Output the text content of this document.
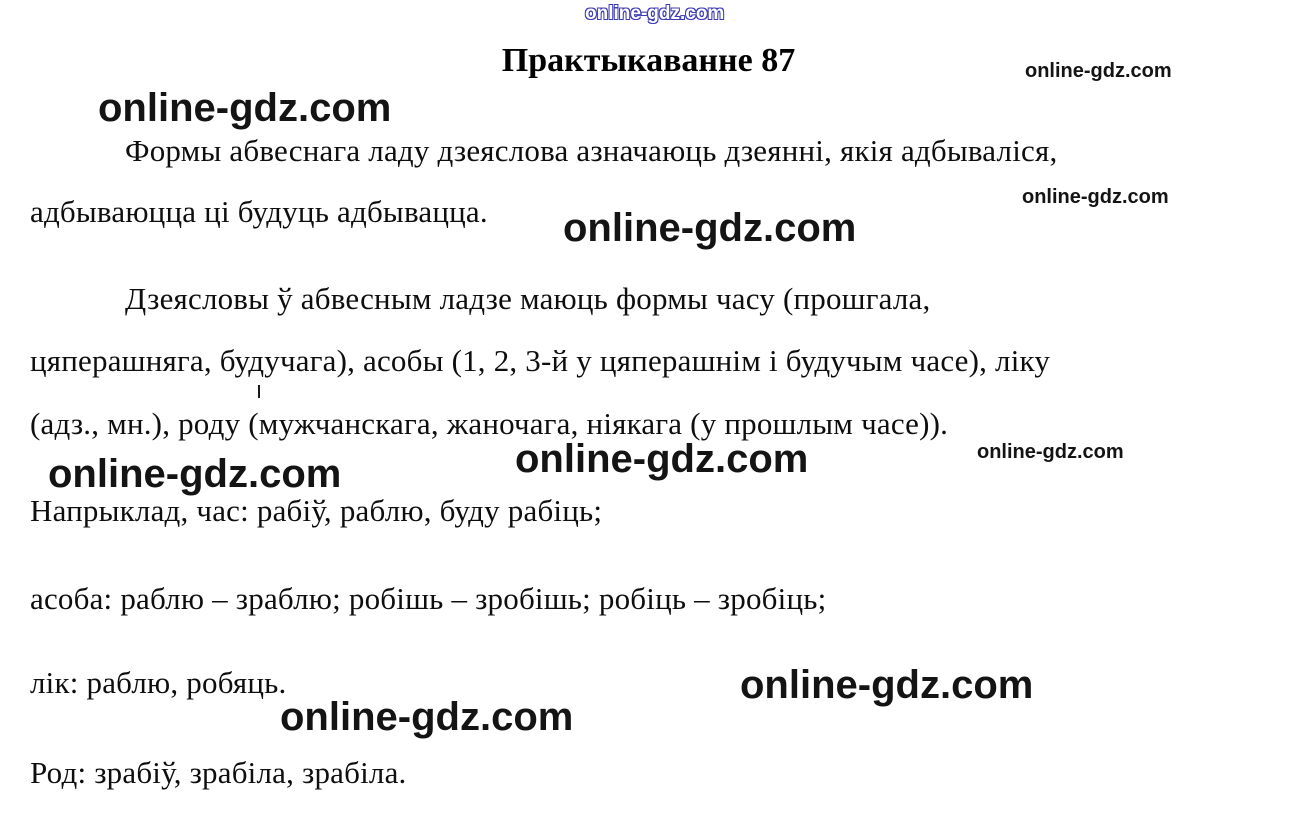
online-gdz.com
Практыкаванне 87	online-gdz.com
online-gdz.com
Формы абвеснага ладу дзеяслова азначаюць дзеянні, якія адбываліся,
адбываюцца ці будуць адбывацца. online-gdz.com
online-gdz.com
Дзеясловы ў абвесным ладзе маюць формы часу (прошгала,
цяперашняга, будучага), асобы (1, 2, 3-й у цяперашнім і будучым часе), ліку
(адз., мн.), роду (мужчанскага, жаночага, ніякага (у прошлым часе)).
online-gdz.com	online-gdz.com	online-gdz.com
Напрыклад, час: рабіў, раблю, буду рабіць;
асоба: раблю – зраблю; робішь – зробішь; робіць – зробіць;
лік: раблю, робяць.	online-gdz.com
online-gdz.com
Род: зрабіў, зрабіла, зрабіла.
